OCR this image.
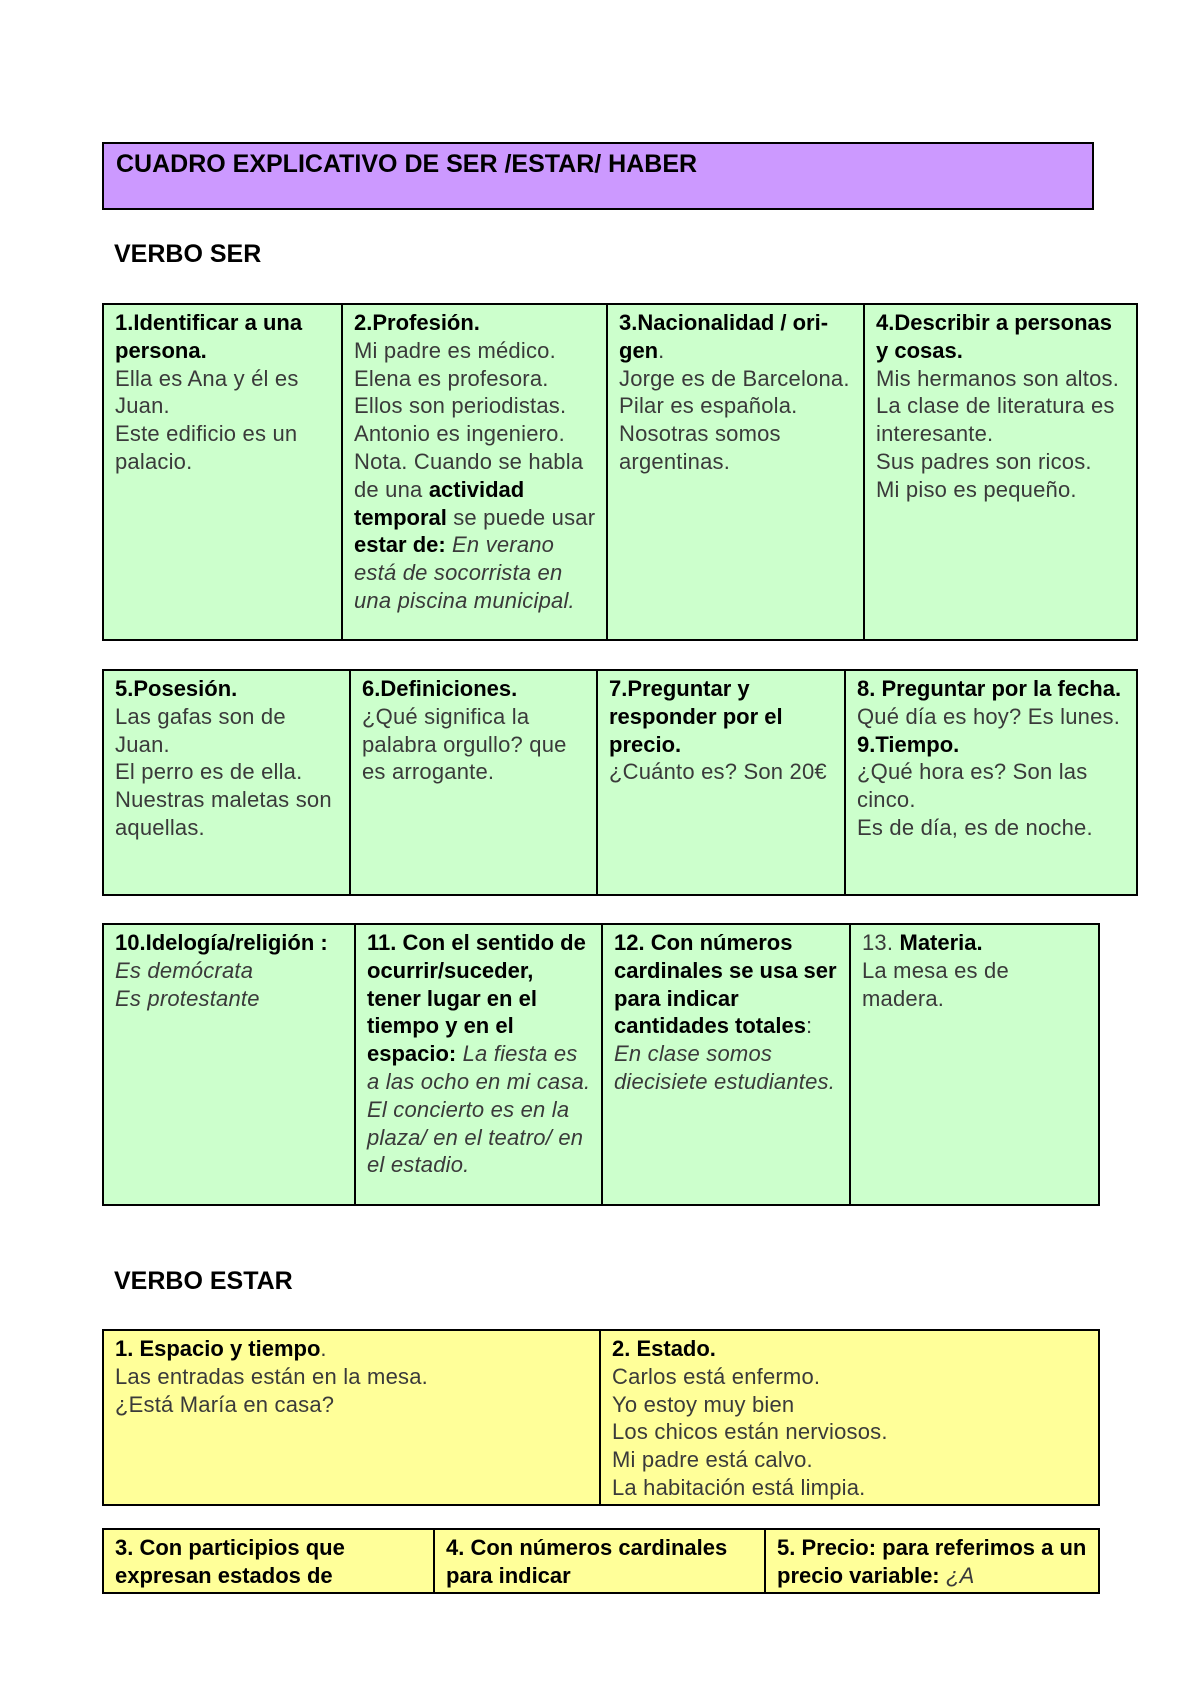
CUADRO EXPLICATIVO DE SER /ESTAR/ HABER
VERBO SER
1.Identificar a una persona.
Ella es Ana y él es Juan.
Este edificio es un palacio.

2.Profesión.
Mi padre es médico.
Elena es profesora.
Ellos son periodistas.
Antonio es ingeniero.
Nota. Cuando se habla de una actividad temporal se puede usar estar de: En verano está de socorrista en una piscina municipal.

3.Nacionalidad / ori-gen.
Jorge es de Barcelona.
Pilar es española.
Nosotras somos argentinas.

4.Describir a personas y cosas.
Mis hermanos son altos.
La clase de literatura es interesante.
Sus padres son ricos.
Mi piso es pequeño.
5.Posesión.
Las gafas son de Juan.
El perro es de ella.
Nuestras maletas son aquellas.

6.Definiciones.
¿Qué significa la palabra orgullo? que es arrogante.

7.Preguntar y responder por el precio.
¿Cuánto es? Son 20€

8. Preguntar por la fecha.
Qué día es hoy? Es lunes.
9.Tiempo.
¿Qué hora es? Son las cinco.
Es de día, es de noche.
10.Idelogía/religión : Es demócrata
Es protestante

11. Con el sentido de ocurrir/suceder, tener lugar en el tiempo y en el espacio: La fiesta es a las ocho en mi casa.
El concierto es en la plaza/ en el teatro/ en el estadio.

12. Con números cardinales se usa ser para indicar cantidades totales:
En clase somos diecisiete estudiantes.

13. Materia.
La mesa es de madera.
VERBO ESTAR
1. Espacio y tiempo.
Las entradas están en la mesa.
¿Está María en casa?

2. Estado.
Carlos está enfermo.
Yo estoy muy bien
Los chicos están nerviosos.
Mi padre está calvo.
La habitación está limpia.
3. Con participios que expresan estados de

4. Con números cardinales para indicar

5. Precio: para referimos a un precio variable: ¿A
